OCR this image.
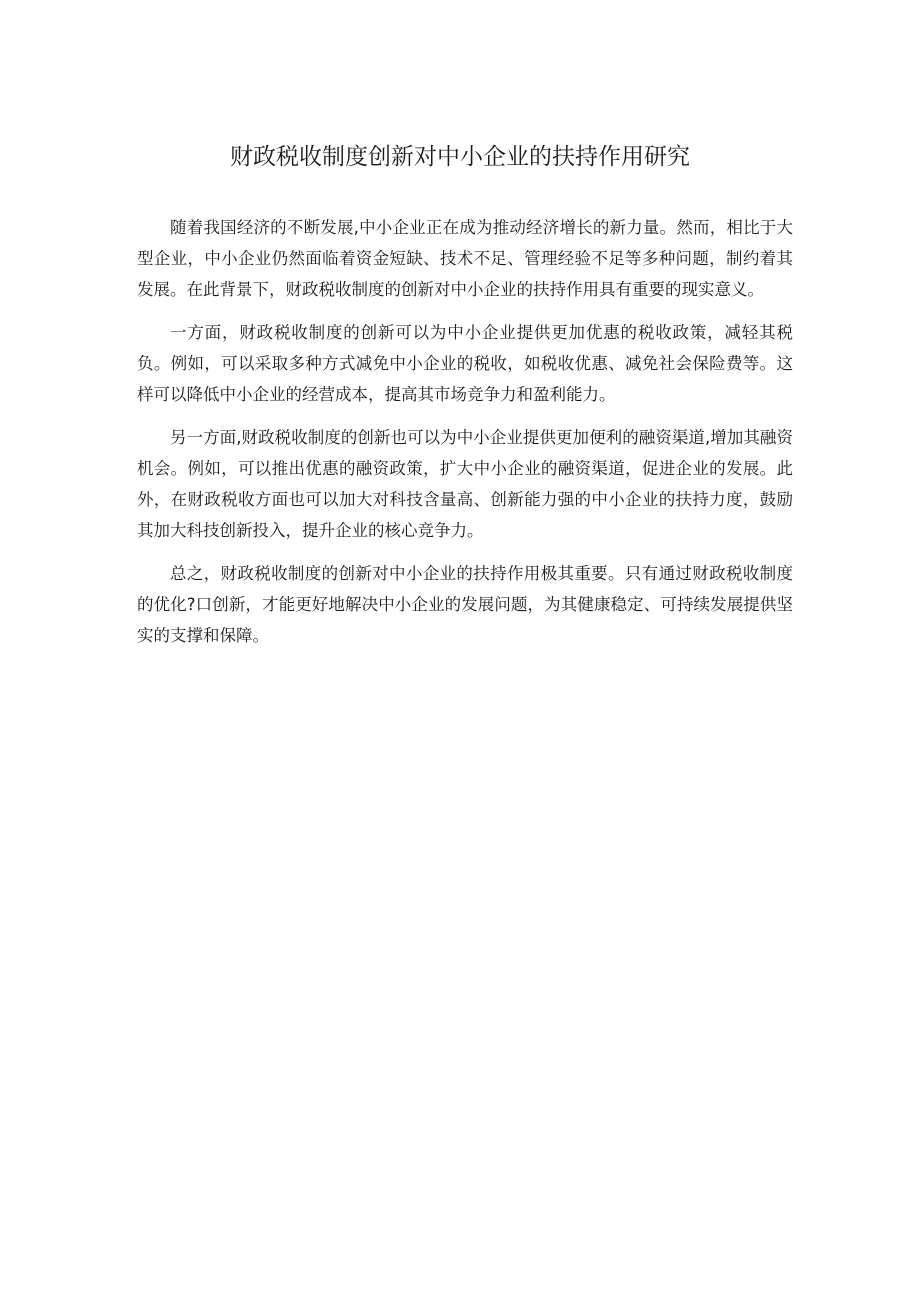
财政税收制度创新对中小企业的扶持作用研究

随着我国经济的不断发展,中小企业正在成为推动经济增长的新力量。然而，相比于大型企业，中小企业仍然面临着资金短缺、技术不足、管理经验不足等多种问题，制约着其发展。在此背景下，财政税收制度的创新对中小企业的扶持作用具有重要的现实意义。

一方面，财政税收制度的创新可以为中小企业提供更加优惠的税收政策，减轻其税负。例如，可以采取多种方式减免中小企业的税收，如税收优惠、减免社会保险费等。这样可以降低中小企业的经营成本，提高其市场竞争力和盈利能力。

另一方面,财政税收制度的创新也可以为中小企业提供更加便利的融资渠道,增加其融资机会。例如，可以推出优惠的融资政策，扩大中小企业的融资渠道，促进企业的发展。此外，在财政税收方面也可以加大对科技含量高、创新能力强的中小企业的扶持力度，鼓励其加大科技创新投入，提升企业的核心竞争力。

总之，财政税收制度的创新对中小企业的扶持作用极其重要。只有通过财政税收制度的优化?口创新，才能更好地解决中小企业的发展问题，为其健康稳定、可持续发展提供坚实的支撑和保障。
